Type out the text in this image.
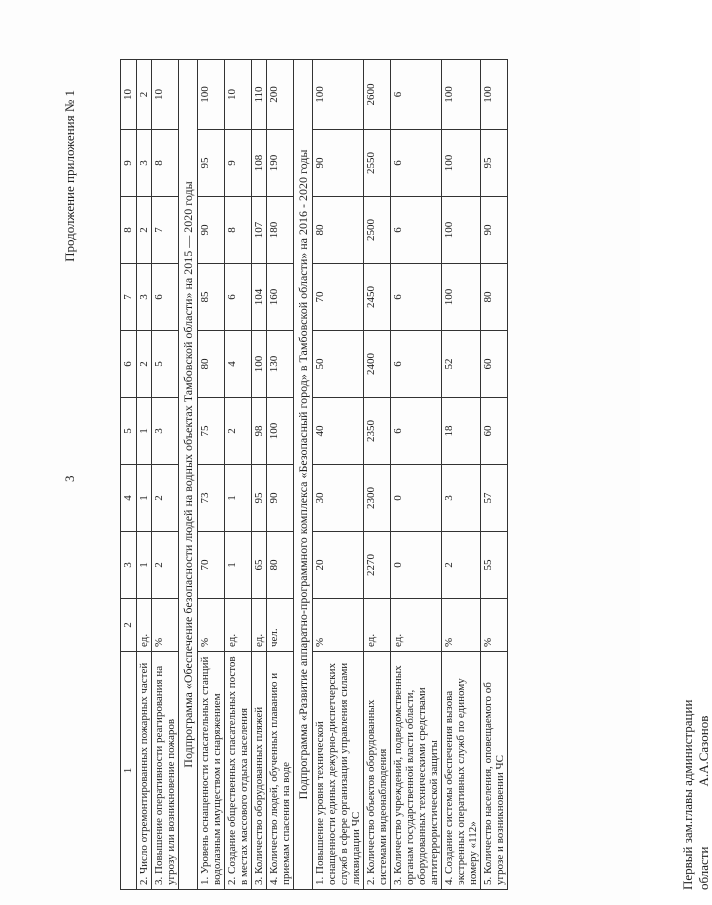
Продолжение приложения № 1
3
1	2	3	4	5	6	7	8	9	10
2. Число отремонтированных пожарных частей	ед.	1	1	1	2	3	2	3	2
3. Повышение оперативности реагирования на угрозу или возникновение пожаров	%	2	2	3	5	6	7	8	10
Подпрограмма «Обеспечение безопасности людей на водных объектах Тамбовской области» на 2015 — 2020 годы									
1. Уровень оснащенности спасательных станций водолазным имуществом и снаряжением	%	70	73	75	80	85	90	95	100
2. Создание общественных спасательных постов в местах массового отдыха населения	ед.	1	1	2	4	6	8	9	10
3. Количество оборудованных пляжей	ед.	65	95	98	100	104	107	108	110
4. Количество людей, обученных плаванию и приемам спасения на воде	чел.	80	90	100	130	160	180	190	200
Подпрограмма «Развитие аппаратно-программного комплекса «Безопасный город» в Тамбовской области» на 2016 - 2020 годы									
1. Повышение уровня технической оснащенности единых дежурно-диспетчерских служб в сфере организации управления силами ликвидации ЧС	%	20	30	40	50	70	80	90	100
2. Количество объектов оборудованных системами видеонаблюдения	ед.	2270	2300	2350	2400	2450	2500	2550	2600
3. Количество учреждений, подведомственных органам государственной власти области, оборудованных техническими средствами антитеррористической защиты	ед.	0	0	6	6	6	6	6	6
4. Создание системы обеспечения вызова экстренных оперативных служб по единому номеру «112»	%	2	3	18	52	100	100	100	100
5. Количество населения, оповещаемого об угрозе и возникновении ЧС	%	55	57	60	60	80	90	95	100
Первый зам.главы администрации областиА.А.Сазонов
